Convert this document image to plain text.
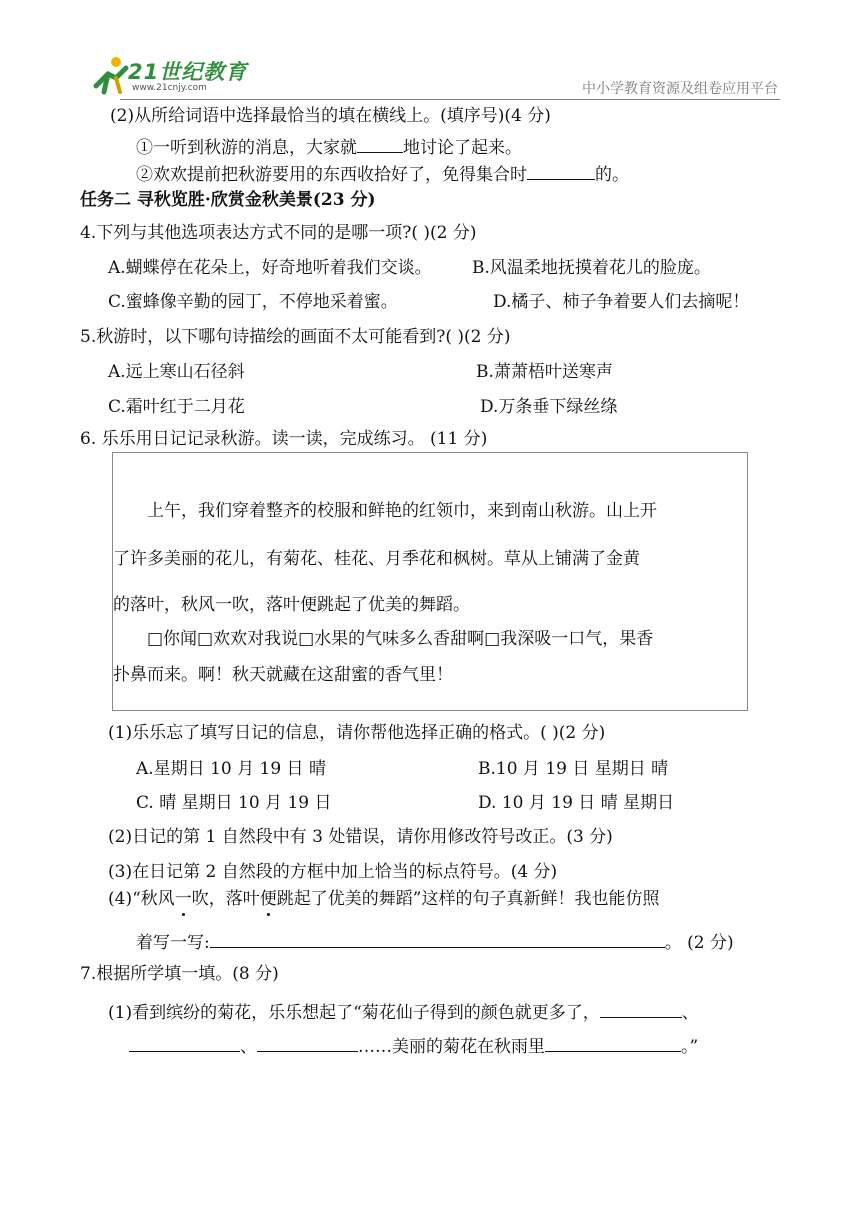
21世纪教育
www.21cnjy.com	中小学教育资源及组卷应用平台
(2)从所给词语中选择最恰当的填在横线上。(填序号)(4 分)
①一听到秋游的消息，大家就	地讨论了起来。
②欢欢提前把秋游要用的东西收拾好了，免得集合时	的。
任务二 寻秋览胜·欣赏金秋美景(23 分)
4.下列与其他选项表达方式不同的是哪一项?( )(2 分)
A.蝴蝶停在花朵上，好奇地听着我们交谈。 B.风温柔地抚摸着花儿的脸庞。
C.蜜蜂像辛勤的园丁，不停地采着蜜。	D.橘子、柿子争着要人们去摘呢！
5.秋游时，以下哪句诗描绘的画面不太可能看到?( )(2 分)
A.远上寒山石径斜	B.萧萧梧叶送寒声
C.霜叶红于二月花	D.万条垂下绿丝绦
6. 乐乐用日记记录秋游。读一读，完成练习。 (11 分)
上午，我们穿着整齐的校服和鲜艳的红领巾，来到南山秋游。山上开
了许多美丽的花儿，有菊花、桂花、月季花和枫树。草从上铺满了金黄
的落叶，秋风一吹，落叶便跳起了优美的舞蹈。
□你闻□欢欢对我说□水果的气味多么香甜啊□我深吸一口气，果香
扑鼻而来。啊！秋天就藏在这甜蜜的香气里！
(1)乐乐忘了填写日记的信息，请你帮他选择正确的格式。( )(2 分)
A.星期日 10 月 19 日 晴	B.10 月 19 日 星期日 晴
C. 晴 星期日 10 月 19 日	D. 10 月 19 日 晴 星期日
(2)日记的第 1 自然段中有 3 处错误，请你用修改符号改正。(3 分)
(3)在日记第 2 自然段的方框中加上恰当的标点符号。(4 分)
(4)“秋风一吹，落叶便跳起了优美的舞蹈”这样的句子真新鲜！我也能仿照
着写一写:	。 (2 分)
7.根据所学填一填。(8 分)
(1)看到缤纷的菊花，乐乐想起了“菊花仙子得到的颜色就更多了，	、
、	……美丽的菊花在秋雨里	。”
